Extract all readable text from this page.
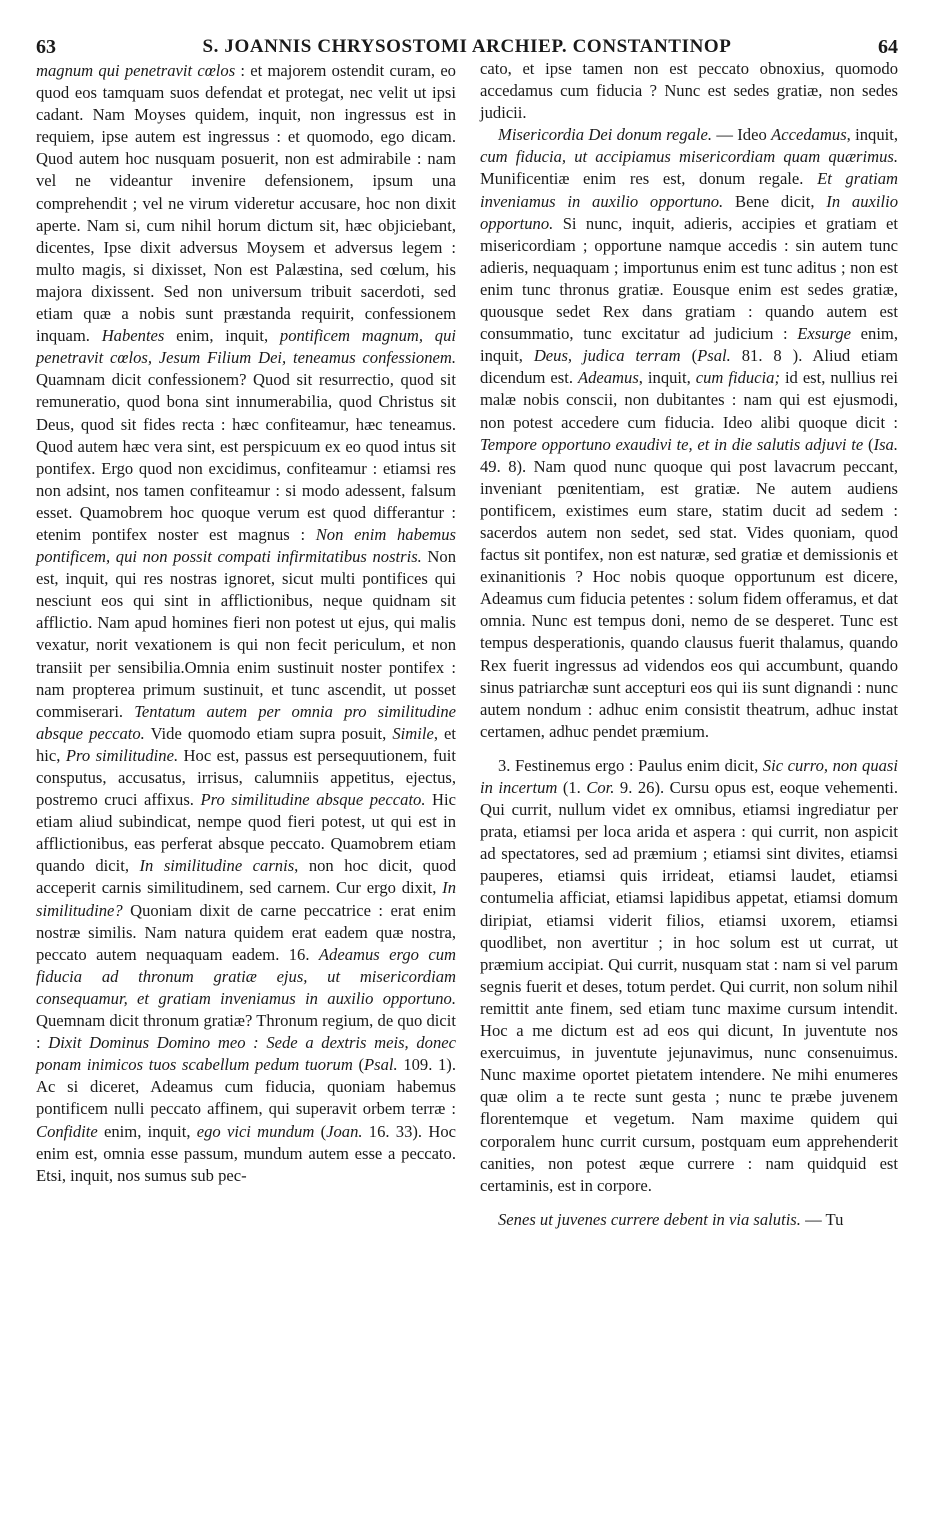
63	S. JOANNIS CHRYSOSTOMI ARCHIEP. CONSTANTINOP	64

magnum qui penetravit cœlos : et majorem ostendit curam, eo quod eos tamquam suos defendat et protegat, nec velit ut ipsi cadant. Nam Moyses quidem, inquit, non ingressus est in requiem, ipse autem est ingressus : et quomodo, ego dicam. Quod autem hoc nusquam posuerit, non est admirabile : nam vel ne videantur invenire defensionem, ipsum una comprehendit ; vel ne virum videretur accusare, hoc non dixit aperte. Nam si, cum nihil horum dictum sit, hæc objiciebant, dicentes, Ipse dixit adversus Moysem et adversus legem : multo magis, si dixisset, Non est Palæstina, sed cœlum, his majora dixissent. Sed non universum tribuit sacerdoti, sed etiam quæ a nobis sunt præstanda requirit, confessionem inquam. Habentes enim, inquit, pontificem magnum, qui penetravit cœlos, Jesum Filium Dei, teneamus confessionem. Quamnam dicit confessionem? Quod sit resurrectio, quod sit remuneratio, quod bona sint innumerabilia, quod Christus sit Deus, quod sit fides recta : hæc confiteamur, hæc teneamus. Quod autem hæc vera sint, est perspicuum ex eo quod intus sit pontifex. Ergo quod non excidimus, confiteamur : etiamsi res non adsint, nos tamen confiteamur : si modo adessent, falsum esset. Quamobrem hoc quoque verum est quod differantur : etenim pontifex noster est magnus : Non enim habemus pontificem, qui non possit compati infirmitatibus nostris. Non est, inquit, qui res nostras ignoret, sicut multi pontifices qui nesciunt eos qui sint in afflictionibus, neque quidnam sit afflictio. Nam apud homines fieri non potest ut ejus, qui malis vexatur, norit vexationem is qui non fecit periculum, et non transiit per sensibilia.Omnia enim sustinuit noster pontifex : nam propterea primum sustinuit, et tunc ascendit, ut posset commiserari. Tentatum autem per omnia pro similitudine absque peccato. Vide quomodo etiam supra posuit, Simile, et hic, Pro similitudine. Hoc est, passus est persequutionem, fuit consputus, accusatus, irrisus, calumniis appetitus, ejectus, postremo cruci affixus. Pro similitudine absque peccato. Hic etiam aliud subindicat, nempe quod fieri potest, ut qui est in afflictionibus, eas perferat absque peccato. Quamobrem etiam quando dicit, In similitudine carnis, non hoc dicit, quod acceperit carnis similitudinem, sed carnem. Cur ergo dixit, In similitudine? Quoniam dixit de carne peccatrice : erat enim nostræ similis. Nam natura quidem erat eadem quæ nostra, peccato autem nequaquam eadem. 16. Adeamus ergo cum fiducia ad thronum gratiæ ejus, ut misericordiam consequamur, et gratiam inveniamus in auxilio opportuno. Quemnam dicit thronum gratiæ? Thronum regium, de quo dicit : Dixit Dominus Domino meo : Sede a dextris meis, donec ponam inimicos tuos scabellum pedum tuorum (Psal. 109. 1). Ac si diceret, Adeamus cum fiducia, quoniam habemus pontificem nulli peccato affinem, qui superavit orbem terræ : Confidite enim, inquit, ego vici mundum (Joan. 16. 33). Hoc enim est, omnia esse passum, mundum autem esse a peccato. Etsi, inquit, nos sumus sub pec-

cato, et ipse tamen non est peccato obnoxius, quomodo accedamus cum fiducia ? Nunc est sedes gratiæ, non sedes judicii.

Misericordia Dei donum regale. — Ideo Accedamus, inquit, cum fiducia, ut accipiamus misericordiam quam quærimus. Munificentiæ enim res est, donum regale. Et gratiam inveniamus in auxilio opportuno. Bene dicit, In auxilio opportuno. Si nunc, inquit, adieris, accipies et gratiam et misericordiam ; opportune namque accedis : sin autem tunc adieris, nequaquam ; importunus enim est tunc aditus ; non est enim tunc thronus gratiæ. Eousque enim est sedes gratiæ, quousque sedet Rex dans gratiam : quando autem est consummatio, tunc excitatur ad judicium : Exsurge enim, inquit, Deus, judica terram (Psal. 81. 8 ). Aliud etiam dicendum est. Adeamus, inquit, cum fiducia; id est, nullius rei malæ nobis conscii, non dubitantes : nam qui est ejusmodi, non potest accedere cum fiducia. Ideo alibi quoque dicit : Tempore opportuno exaudivi te, et in die salutis adjuvi te (Isa. 49. 8). Nam quod nunc quoque qui post lavacrum peccant, inveniant pœnitentiam, est gratiæ. Ne autem audiens pontificem, existimes eum stare, statim ducit ad sedem : sacerdos autem non sedet, sed stat. Vides quoniam, quod factus sit pontifex, non est naturæ, sed gratiæ et demissionis et exinanitionis ? Hoc nobis quoque opportunum est dicere, Adeamus cum fiducia petentes : solum fidem offeramus, et dat omnia. Nunc est tempus doni, nemo de se desperet. Tunc est tempus desperationis, quando clausus fuerit thalamus, quando Rex fuerit ingressus ad videndos eos qui accumbunt, quando sinus patriarchæ sunt accepturi eos qui iis sunt dignandi : nunc autem nondum : adhuc enim consistit theatrum, adhuc instat certamen, adhuc pendet præmium.

3. Festinemus ergo : Paulus enim dicit, Sic curro, non quasi in incertum (1. Cor. 9. 26). Cursu opus est, eoque vehementi. Qui currit, nullum videt ex omnibus, etiamsi ingrediatur per prata, etiamsi per loca arida et aspera : qui currit, non aspicit ad spectatores, sed ad præmium ; etiamsi sint divites, etiamsi pauperes, etiamsi quis irrideat, etiamsi laudet, etiamsi contumelia afficiat, etiamsi lapidibus appetat, etiamsi domum diripiat, etiamsi viderit filios, etiamsi uxorem, etiamsi quodlibet, non avertitur ; in hoc solum est ut currat, ut præmium accipiat. Qui currit, nusquam stat : nam si vel parum segnis fuerit et deses, totum perdet. Qui currit, non solum nihil remittit ante finem, sed etiam tunc maxime cursum intendit. Hoc a me dictum est ad eos qui dicunt, In juventute nos exercuimus, in juventute jejunavimus, nunc consenuimus. Nunc maxime oportet pietatem intendere. Ne mihi enumeres quæ olim a te recte sunt gesta ; nunc te præbe juvenem florentemque et vegetum. Nam maxime quidem qui corporalem hunc currit cursum, postquam eum apprehenderit canities, non potest æque currere : nam quidquid est certaminis, est in corpore.

Senes ut juvenes currere debent in via salutis. — Tu
